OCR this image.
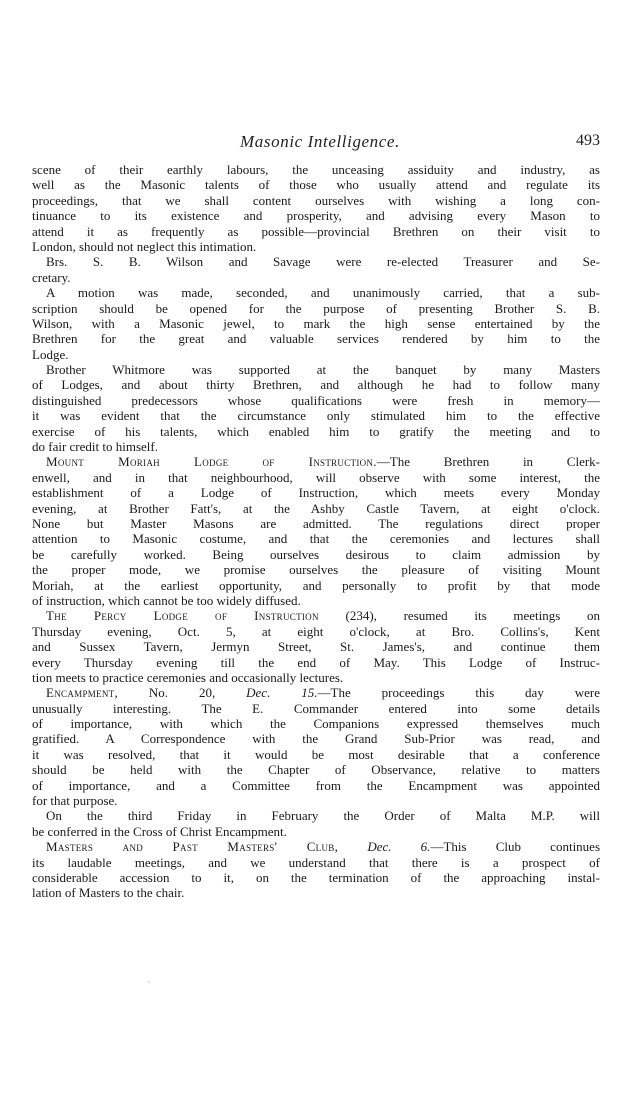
Masonic Intelligence.	493
scene of their earthly labours, the unceasing assiduity and industry, as
well as the Masonic talents of those who usually attend and regulate its
proceedings, that we shall content ourselves with wishing a long con-
tinuance to its existence and prosperity, and advising every Mason to
attend it as frequently as possible—provincial Brethren on their visit to
London, should not neglect this intimation.
Brs. S. B. Wilson and Savage were re-elected Treasurer and Se-
cretary.
A motion was made, seconded, and unanimously carried, that a sub-
scription should be opened for the purpose of presenting Brother S. B.
Wilson, with a Masonic jewel, to mark the high sense entertained by the
Brethren for the great and valuable services rendered by him to the
Lodge.
Brother Whitmore was supported at the banquet by many Masters
of Lodges, and about thirty Brethren, and although he had to follow many
distinguished predecessors whose qualifications were fresh in memory—
it was evident that the circumstance only stimulated him to the effective
exercise of his talents, which enabled him to gratify the meeting and to
do fair credit to himself.
Mount Moriah Lodge of Instruction.—The Brethren in Clerk-
enwell, and in that neighbourhood, will observe with some interest, the
establishment of a Lodge of Instruction, which meets every Monday
evening, at Brother Fatt's, at the Ashby Castle Tavern, at eight o'clock.
None but Master Masons are admitted. The regulations direct proper
attention to Masonic costume, and that the ceremonies and lectures shall
be carefully worked. Being ourselves desirous to claim admission by
the proper mode, we promise ourselves the pleasure of visiting Mount
Moriah, at the earliest opportunity, and personally to profit by that mode
of instruction, which cannot be too widely diffused.
The Percy Lodge of Instruction (234), resumed its meetings on
Thursday evening, Oct. 5, at eight o'clock, at Bro. Collins's, Kent
and Sussex Tavern, Jermyn Street, St. James's, and continue them
every Thursday evening till the end of May. This Lodge of Instruc-
tion meets to practice ceremonies and occasionally lectures.
Encampment, No. 20, Dec. 15.—The proceedings this day were
unusually interesting. The E. Commander entered into some details
of importance, with which the Companions expressed themselves much
gratified. A Correspondence with the Grand Sub-Prior was read, and
it was resolved, that it would be most desirable that a conference
should be held with the Chapter of Observance, relative to matters
of importance, and a Committee from the Encampment was appointed
for that purpose.
On the third Friday in February the Order of Malta M.P. will
be conferred in the Cross of Christ Encampment.
Masters and Past Masters' Club, Dec. 6.—This Club continues
its laudable meetings, and we understand that there is a prospect of
considerable accession to it, on the termination of the approaching instal-
lation of Masters to the chair.
